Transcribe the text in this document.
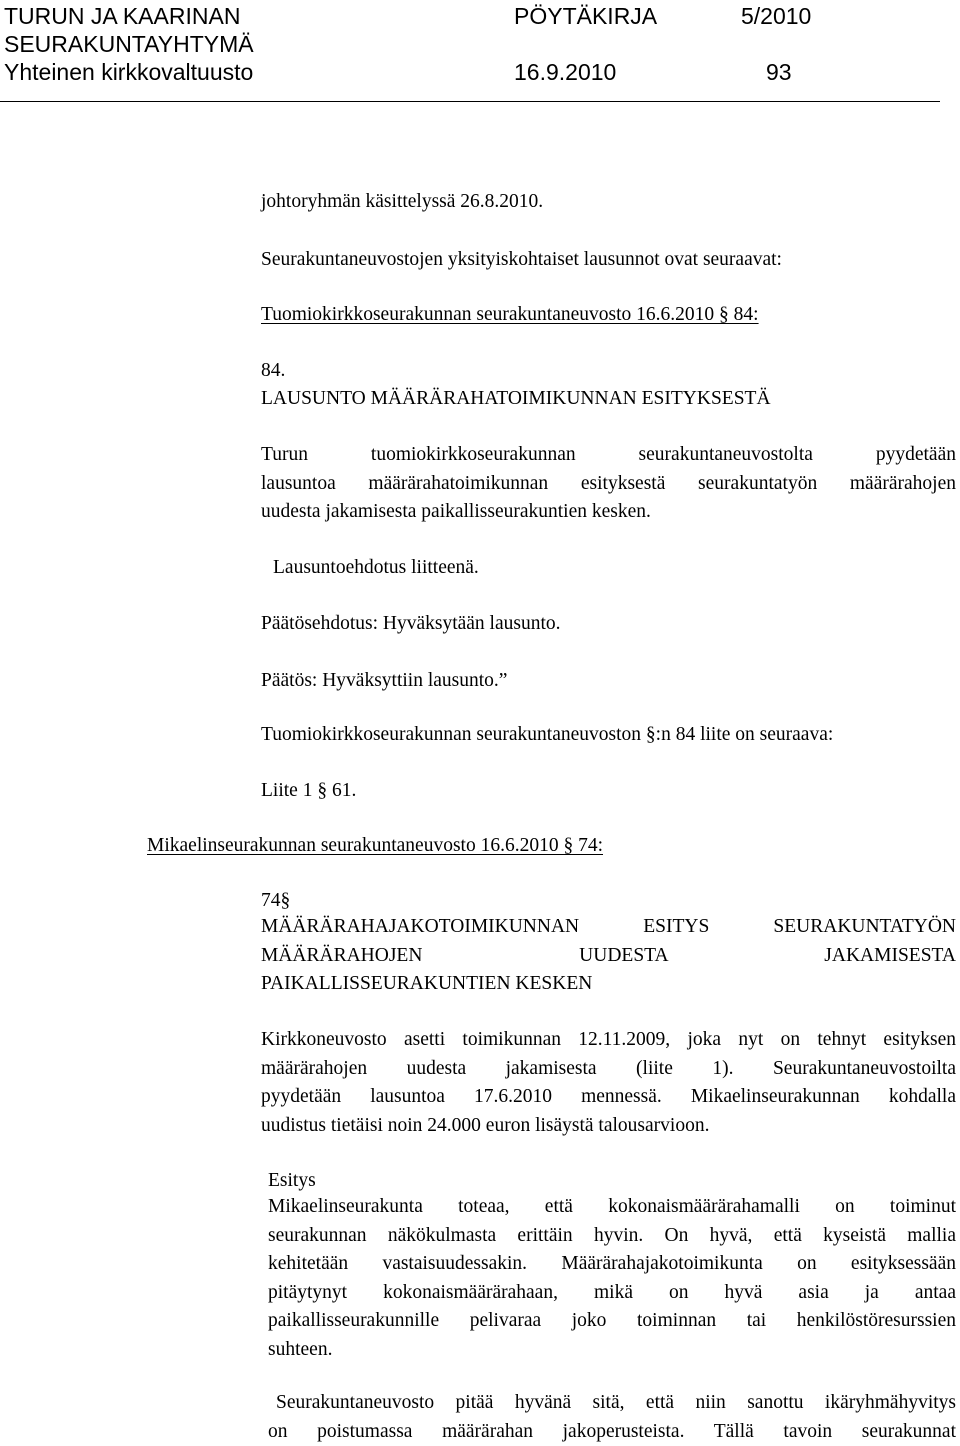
TURUN JA KAARINAN
SEURAKUNTAYHTYMÄ
Yhteinen kirkkovaltuusto
PÖYTÄKIRJA	5/2010
16.9.2010	93
johtoryhmän käsittelyssä 26.8.2010.
Seurakuntaneuvostojen yksityiskohtaiset lausunnot ovat seuraavat:
Tuomiokirkkoseurakunnan seurakuntaneuvosto 16.6.2010 § 84:
84.
LAUSUNTO MÄÄRÄRAHATOIMIKUNNAN ESITYKSESTÄ
Turun tuomiokirkkoseurakunnan seurakuntaneuvostolta pyydetään
lausuntoa määrärahatoimikunnan esityksestä seurakuntatyön määrärahojen
uudesta jakamisesta paikallisseurakuntien kesken.
Lausuntoehdotus liitteenä.
Päätösehdotus: Hyväksytään lausunto.
Päätös: Hyväksyttiin lausunto.”
Tuomiokirkkoseurakunnan seurakuntaneuvoston §:n 84 liite on seuraava:
Liite 1 § 61.
Mikaelinseurakunnan seurakuntaneuvosto 16.6.2010 § 74:
74§
MÄÄRÄRAHAJAKOTOIMIKUNNAN ESITYS SEURAKUNTATYÖN
MÄÄRÄRAHOJEN UUDESTA JAKAMISESTA
PAIKALLISSEURAKUNTIEN KESKEN
Kirkkoneuvosto asetti toimikunnan 12.11.2009, joka nyt on tehnyt esityksen
määrärahojen uudesta jakamisesta (liite 1). Seurakuntaneuvostoilta
pyydetään lausuntoa 17.6.2010 mennessä. Mikaelinseurakunnan kohdalla
uudistus tietäisi noin 24.000 euron lisäystä talousarvioon.
Esitys
Mikaelinseurakunta toteaa, että kokonaismäärärahamalli on toiminut
seurakunnan näkökulmasta erittäin hyvin. On hyvä, että kyseistä mallia
kehitetään vastaisuudessakin. Määrärahajakotoimikunta on esityksessään
pitäytynyt kokonaismäärärahaan, mikä on hyvä asia ja antaa
paikallisseurakunnille pelivaraa joko toiminnan tai henkilöstöresurssien
suhteen.
Seurakuntaneuvosto pitää hyvänä sitä, että niin sanottu ikäryhmähyvitys
on poistumassa määrärahan jakoperusteista. Tällä tavoin seurakunnat
